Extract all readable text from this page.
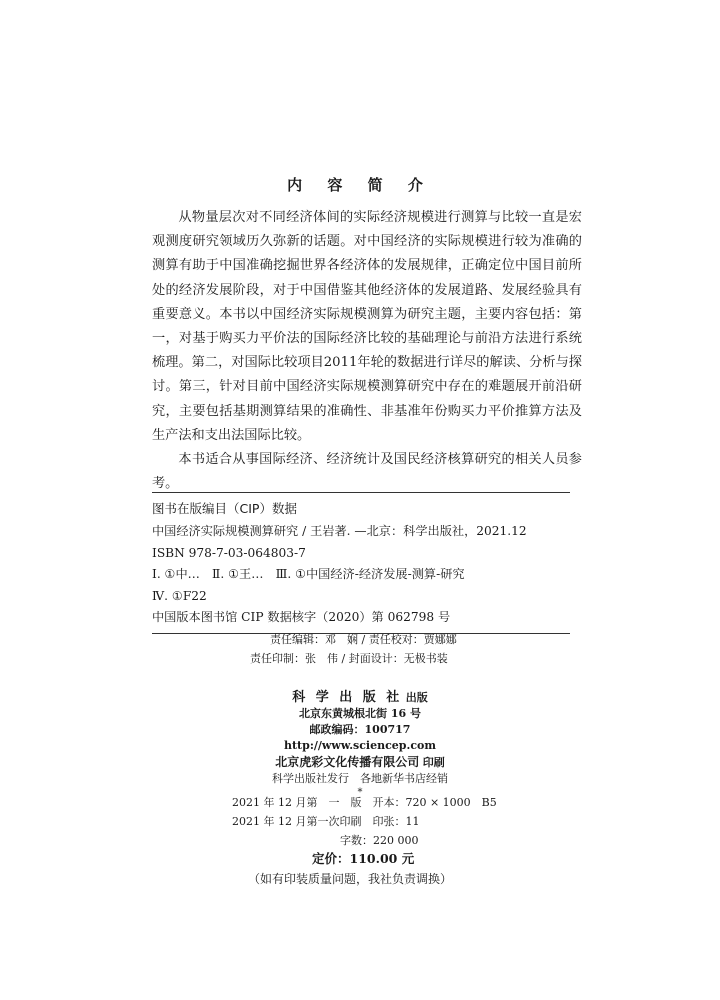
内 容 简 介

从物量层次对不同经济体间的实际经济规模进行测算与比较一直是宏观测度研究领域历久弥新的话题。对中国经济的实际规模进行较为准确的测算有助于中国准确挖掘世界各经济体的发展规律，正确定位中国目前所处的经济发展阶段，对于中国借鉴其他经济体的发展道路、发展经验具有重要意义。本书以中国经济实际规模测算为研究主题，主要内容包括：第一，对基于购买力平价法的国际经济比较的基础理论与前沿方法进行系统梳理。第二，对国际比较项目2011年轮的数据进行详尽的解读、分析与探讨。第三，针对目前中国经济实际规模测算研究中存在的难题展开前沿研究，主要包括基期测算结果的准确性、非基准年份购买力平价推算方法及生产法和支出法国际比较。

本书适合从事国际经济、经济统计及国民经济核算研究的相关人员参考。

图书在版编目（CIP）数据
中国经济实际规模测算研究 / 王岩著. —北京：科学出版社，2021.12
ISBN 978-7-03-064803-7
Ⅰ. ①中…　Ⅱ. ①王…　Ⅲ. ①中国经济-经济发展-测算-研究
Ⅳ. ①F22
中国版本图书馆 CIP 数据核字（2020）第 062798 号
责任编辑：邓　娴 / 责任校对：贾娜娜
责任印制：张　伟 / 封面设计：无极书装
科 学 出 版 社 出版
北京东黄城根北街 16 号
邮政编码：100717
http://www.sciencep.com
北京虎彩文化传播有限公司 印刷
科学出版社发行　各地新华书店经销
*
2021 年 12 月第　一　版　开本：720 × 1000　B5
2021 年 12 月第一次印刷　印张：11
字数：220 000
定价：110.00 元
（如有印装质量问题，我社负责调换）
